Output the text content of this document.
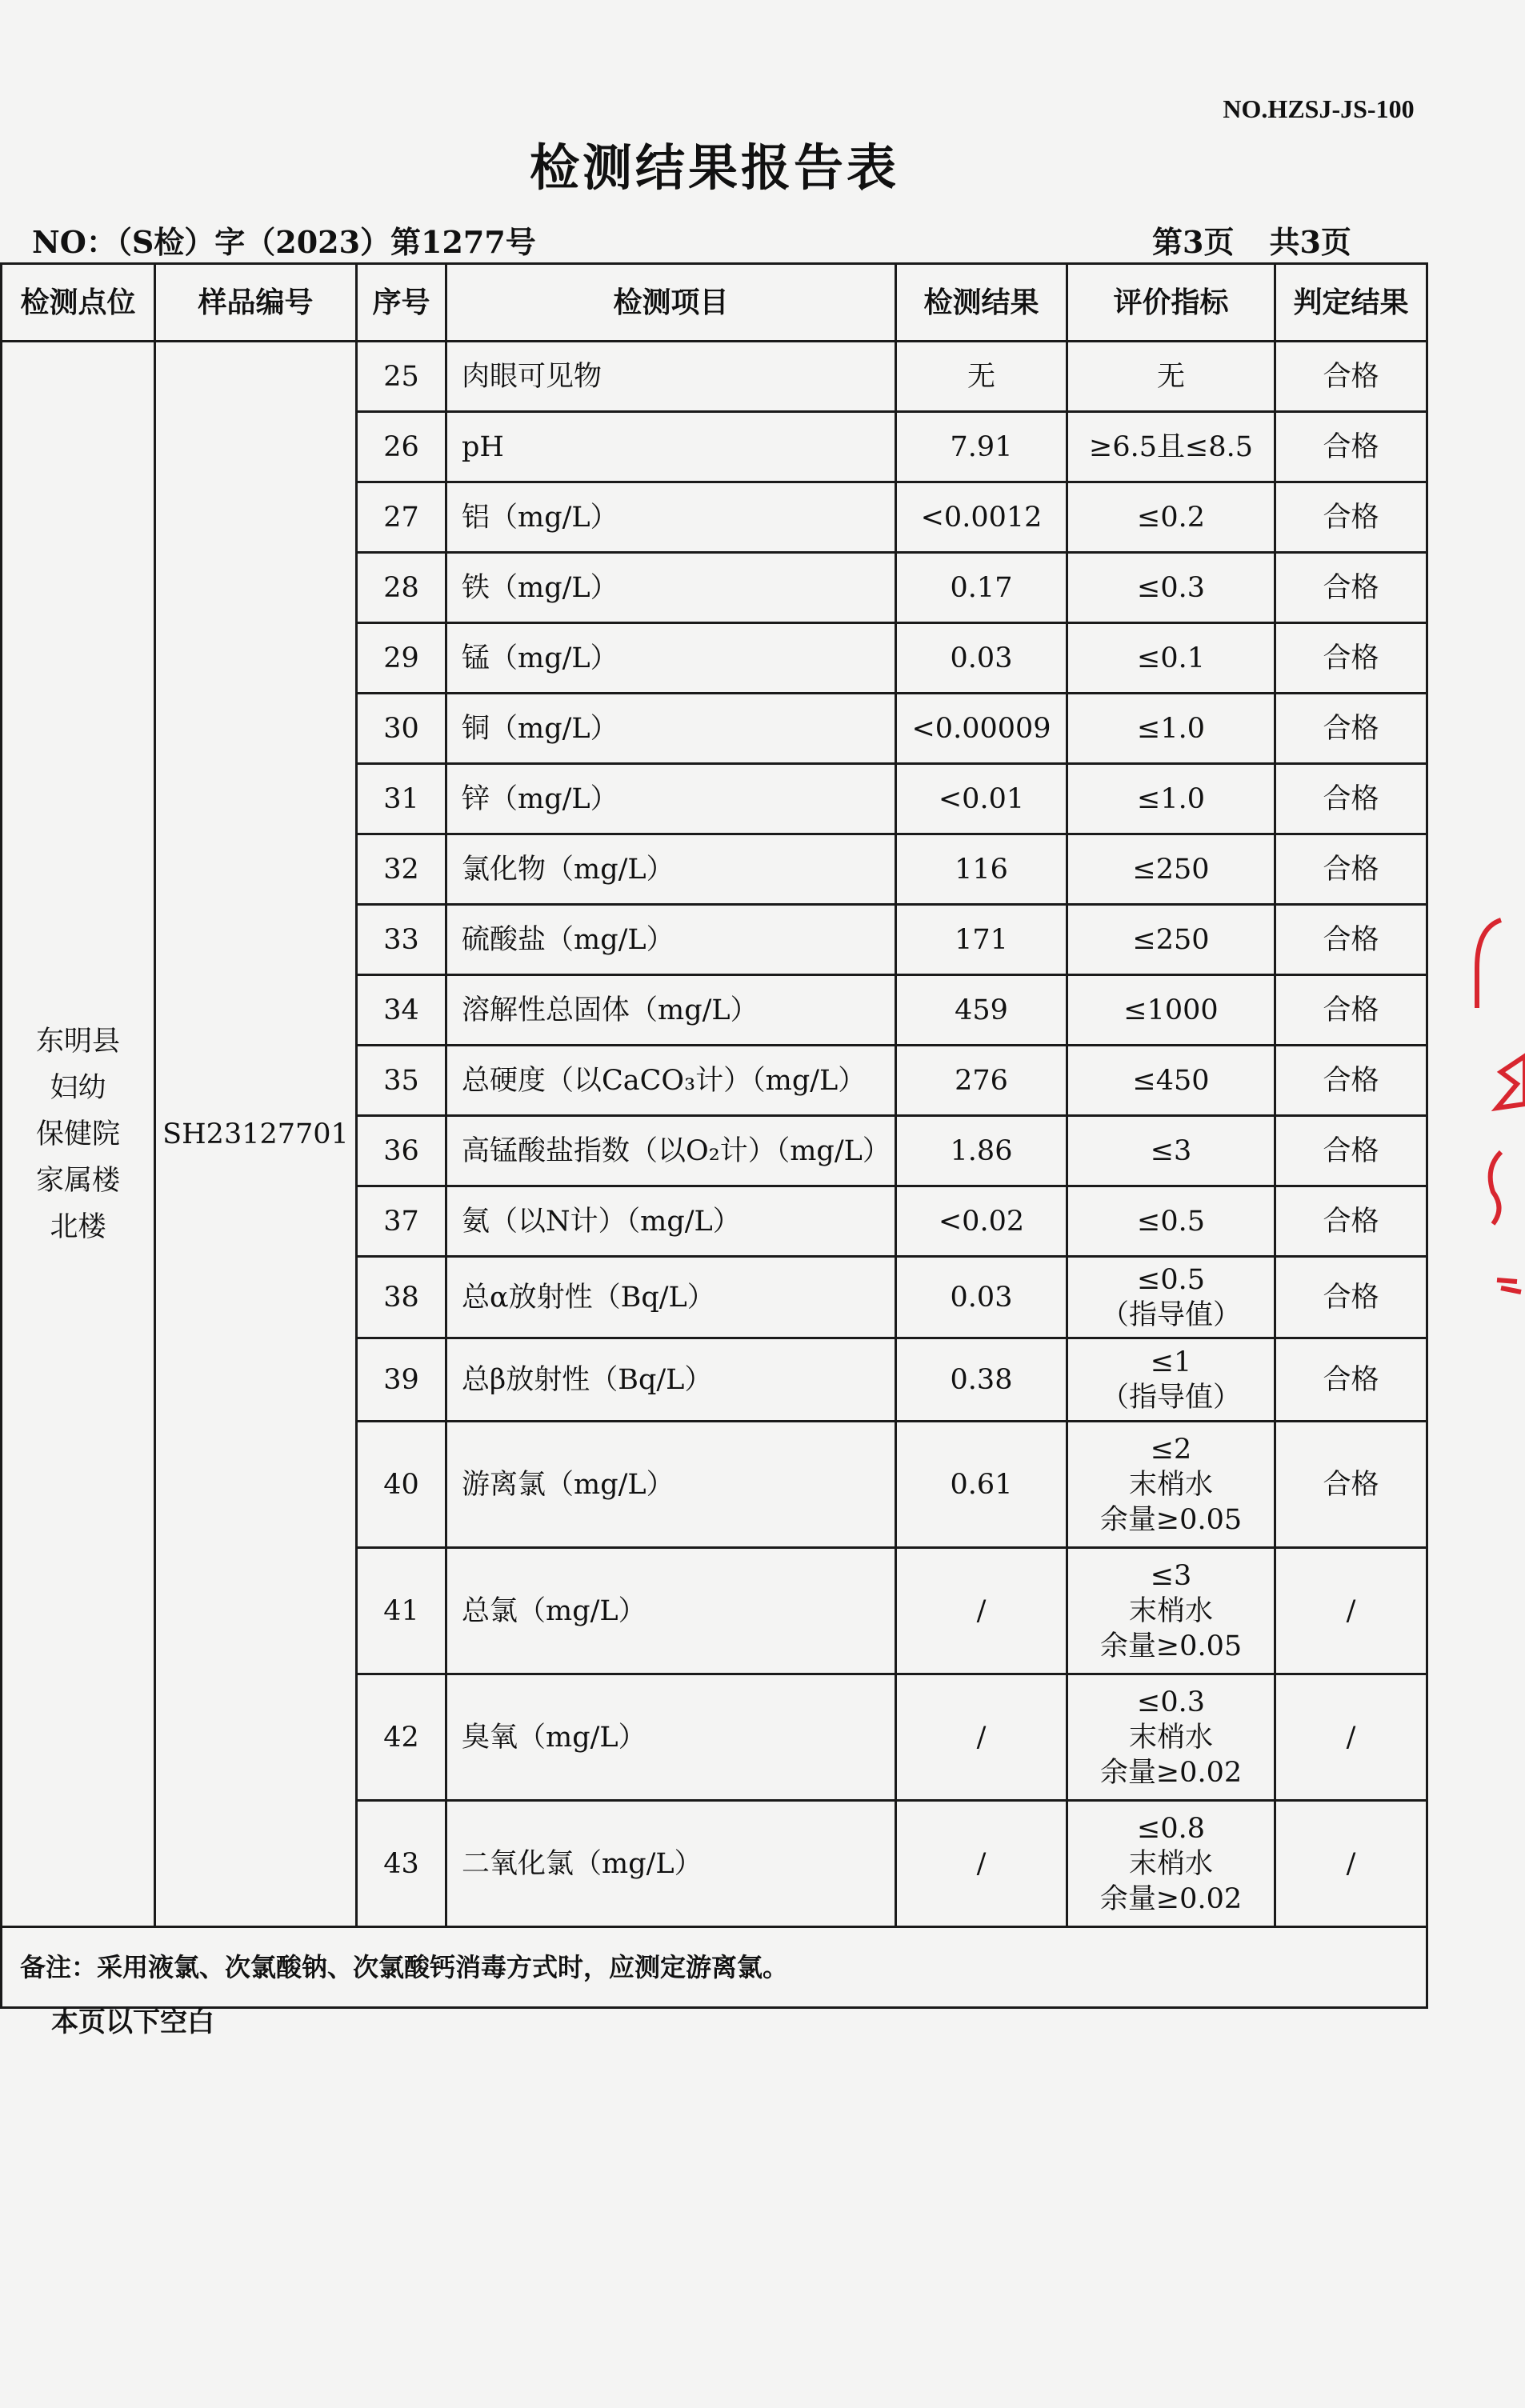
NO.HZSJ-JS-100
检测结果报告表
NO：（S检）字（2023）第1277号	第3页 共3页
检测点位	样品编号	序号	检测项目	检测结果	评价指标	判定结果

东明县
妇幼
保健院
家属楼
北楼	SH23127701	25	肉眼可见物	无	无	合格
		26	pH	7.91	≥6.5且≤8.5	合格
		27	铝（mg/L）	<0.0012	≤0.2	合格
		28	铁（mg/L）	0.17	≤0.3	合格
		29	锰（mg/L）	0.03	≤0.1	合格
		30	铜（mg/L）	<0.00009	≤1.0	合格
		31	锌（mg/L）	<0.01	≤1.0	合格
		32	氯化物（mg/L）	116	≤250	合格
		33	硫酸盐（mg/L）	171	≤250	合格
		34	溶解性总固体（mg/L）	459	≤1000	合格
		35	总硬度（以CaCO₃计）（mg/L）	276	≤450	合格
		36	高锰酸盐指数（以O₂计）（mg/L）	1.86	≤3	合格
		37	氨（以N计）（mg/L）	<0.02	≤0.5	合格
		38	总α放射性（Bq/L）	0.03	≤0.5
（指导值）	合格
		39	总β放射性（Bq/L）	0.38	≤1
（指导值）	合格
		40	游离氯（mg/L）	0.61	≤2
末梢水
余量≥0.05	合格
		41	总氯（mg/L）	/	≤3
末梢水
余量≥0.05	/
		42	臭氧（mg/L）	/	≤0.3
末梢水
余量≥0.02	/
		43	二氧化氯（mg/L）	/	≤0.8
末梢水
余量≥0.02	/
备注：采用液氯、次氯酸钠、次氯酸钙消毒方式时，应测定游离氯。						
本页以下空白
